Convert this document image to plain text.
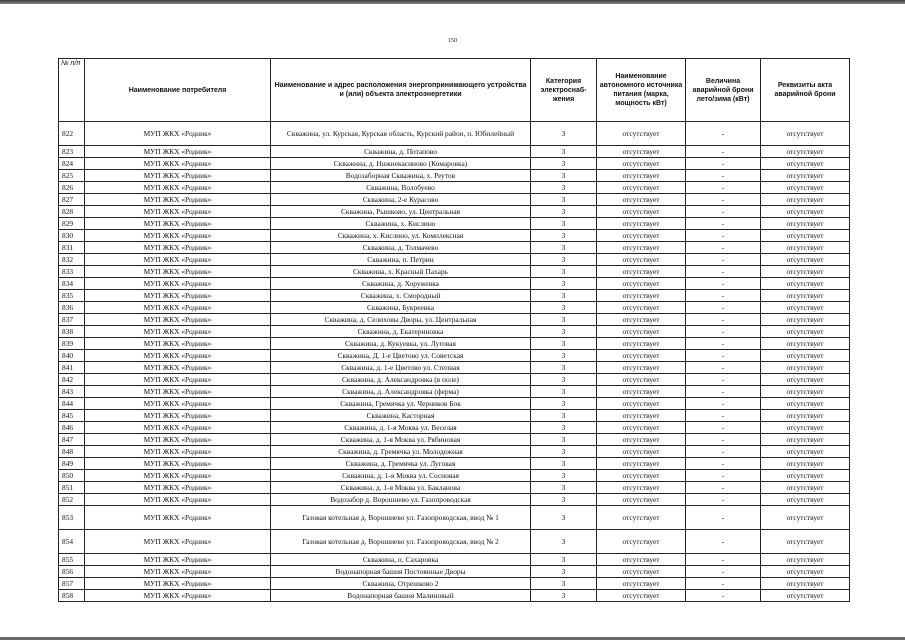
150
№ п/п	Наименование потребителя	Наименование и адрес расположения энергопринимающего устройства и (или) объекта электроэнергетики	Категория электроснаб-жения	Наименование автономного источника питания (марка, мощность кВт)	Величина аварийной брони лето/зима (кВт)	Реквизиты акта аварийной брони
822	МУП ЖКХ «Родник»	Скважина, ул. Курская, Курская область, Курский район, п. Юбилейный	3	отсутствует	-	отсутствует
823	МУП ЖКХ «Родник»	Скважина, д. Потапово	3	отсутствует	-	отсутствует
824	МУП ЖКХ «Родник»	Скважина, д. Нижнекасиново (Комаровка)	3	отсутствует	-	отсутствует
825	МУП ЖКХ «Родник»	Водозаборная Скважина, х. Реутов	3	отсутствует	-	отсутствует
826	МУП ЖКХ «Родник»	Скважина, Волобуево	3	отсутствует	-	отсутствует
827	МУП ЖКХ «Родник»	Скважина, 2-е Курасово	3	отсутствует	-	отсутствует
828	МУП ЖКХ «Родник»	Скважина, Рышково, ул. Центральная	3	отсутствует	-	отсутствует
829	МУП ЖКХ «Родник»	Скважина, х. Кислино	3	отсутствует	-	отсутствует
830	МУП ЖКХ «Родник»	Скважина, х. Кислино, ул. Комплексная	3	отсутствует	-	отсутствует
831	МУП ЖКХ «Родник»	Скважина, д. Толмачево	3	отсутствует	-	отсутствует
832	МУП ЖКХ «Родник»	Скважина, п. Петрин	3	отсутствует	-	отсутствует
833	МУП ЖКХ «Родник»	Скважина, х. Красный Пахарь	3	отсутствует	-	отсутствует
834	МУП ЖКХ «Родник»	Скважина, д. Хоружевка	3	отсутствует	-	отсутствует
835	МУП ЖКХ «Родник»	Скважина, х. Смородный	3	отсутствует	-	отсутствует
836	МУП ЖКХ «Родник»	Скважина, Букреевка	3	отсутствует	-	отсутствует
837	МУП ЖКХ «Родник»	Скважина, д. Селиховы Дворы, ул. Центральная	3	отсутствует	-	отсутствует
838	МУП ЖКХ «Родник»	Скважина, д. Екатериновка	3	отсутствует	-	отсутствует
839	МУП ЖКХ «Родник»	Скважина, д. Кукуевка, ул. Луговая	3	отсутствует	-	отсутствует
840	МУП ЖКХ «Родник»	Скважина, Д. 1-е Цветово ул. Советская	3	отсутствует	-	отсутствует
841	МУП ЖКХ «Родник»	Скважина, д. 1-е Цветово ул. Степная	3	отсутствует	-	отсутствует
842	МУП ЖКХ «Родник»	Скважина, д. Александровка (в поле)	3	отсутствует	-	отсутствует
843	МУП ЖКХ «Родник»	Скважина, д. Александровка (ферма)	3	отсутствует	-	отсутствует
844	МУП ЖКХ «Родник»	Скважина, Гремячка ул. Черников Бок	3	отсутствует	-	отсутствует
845	МУП ЖКХ «Родник»	Скважина, Касторная	3	отсутствует	-	отсутствует
846	МУП ЖКХ «Родник»	Скважина, д. 1-я Моква ул. Веселая	3	отсутствует	-	отсутствует
847	МУП ЖКХ «Родник»	Скважина, д. 1-я Моква ул. Рябиновая	3	отсутствует	-	отсутствует
848	МУП ЖКХ «Родник»	Скважина, д. Гремячка ул. Молодежная	3	отсутствует	-	отсутствует
849	МУП ЖКХ «Родник»	Скважина, д. Гремячка ул. Луговая	3	отсутствует	-	отсутствует
850	МУП ЖКХ «Родник»	Скважина, д. 1-я Моква ул. Сосновая	3	отсутствует	-	отсутствует
851	МУП ЖКХ «Родник»	Скважина, д. 1-я Моква ул. Бакланова	3	отсутствует	-	отсутствует
852	МУП ЖКХ «Родник»	Водозабор д. Ворошнево ул. Газопроводская	3	отсутствует	-	отсутствует
853	МУП ЖКХ «Родник»	Газовая котельная д. Ворошнево ул. Газопроводская, ввод № 1	3	отсутствует	-	отсутствует
854	МУП ЖКХ «Родник»	Газовая котельная д. Ворошнево ул. Газопроводская, ввод № 2	3	отсутствует	-	отсутствует
855	МУП ЖКХ «Родник»	Скважина, п. Сахаровка	3	отсутствует	-	отсутствует
856	МУП ЖКХ «Родник»	Водонапорная башня Постоянные Дворы	3	отсутствует	-	отсутствует
857	МУП ЖКХ «Родник»	Скважина, Отрешково 2	3	отсутствует	-	отсутствует
858	МУП ЖКХ «Родник»	Водонапорная башня Малиновый	3	отсутствует	-	отсутствует
